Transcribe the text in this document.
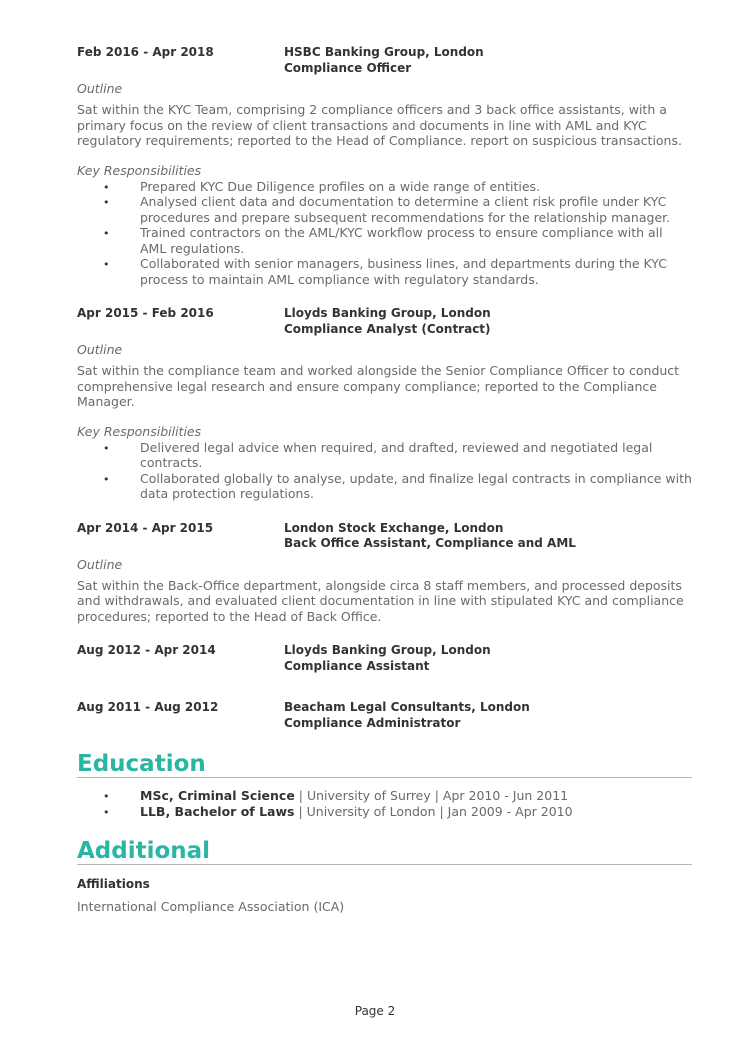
Feb 2016 - Apr 2018	HSBC Banking Group, London
Compliance Officer
Outline
Sat within the KYC Team, comprising 2 compliance officers and 3 back office assistants, with a primary focus on the review of client transactions and documents in line with AML and KYC regulatory requirements; reported to the Head of Compliance. report on suspicious transactions.
Key Responsibilities
• Prepared KYC Due Diligence profiles on a wide range of entities.
• Analysed client data and documentation to determine a client risk profile under KYC procedures and prepare subsequent recommendations for the relationship manager.
• Trained contractors on the AML/KYC workflow process to ensure compliance with all AML regulations.
• Collaborated with senior managers, business lines, and departments during the KYC process to maintain AML compliance with regulatory standards.
Apr 2015 - Feb 2016	Lloyds Banking Group, London
Compliance Analyst (Contract)
Outline
Sat within the compliance team and worked alongside the Senior Compliance Officer to conduct comprehensive legal research and ensure company compliance; reported to the Compliance Manager.
Key Responsibilities
• Delivered legal advice when required, and drafted, reviewed and negotiated legal contracts.
• Collaborated globally to analyse, update, and finalize legal contracts in compliance with data protection regulations.
Apr 2014 - Apr 2015	London Stock Exchange, London
Back Office Assistant, Compliance and AML
Outline
Sat within the Back-Office department, alongside circa 8 staff members, and processed deposits and withdrawals, and evaluated client documentation in line with stipulated KYC and compliance procedures; reported to the Head of Back Office.
Aug 2012 - Apr 2014	Lloyds Banking Group, London
Compliance Assistant
Aug 2011 - Aug 2012	Beacham Legal Consultants, London
Compliance Administrator
Education
• MSc, Criminal Science | University of Surrey | Apr 2010 - Jun 2011
• LLB, Bachelor of Laws | University of London | Jan 2009 - Apr 2010
Additional
Affiliations
International Compliance Association (ICA)
Page 2
